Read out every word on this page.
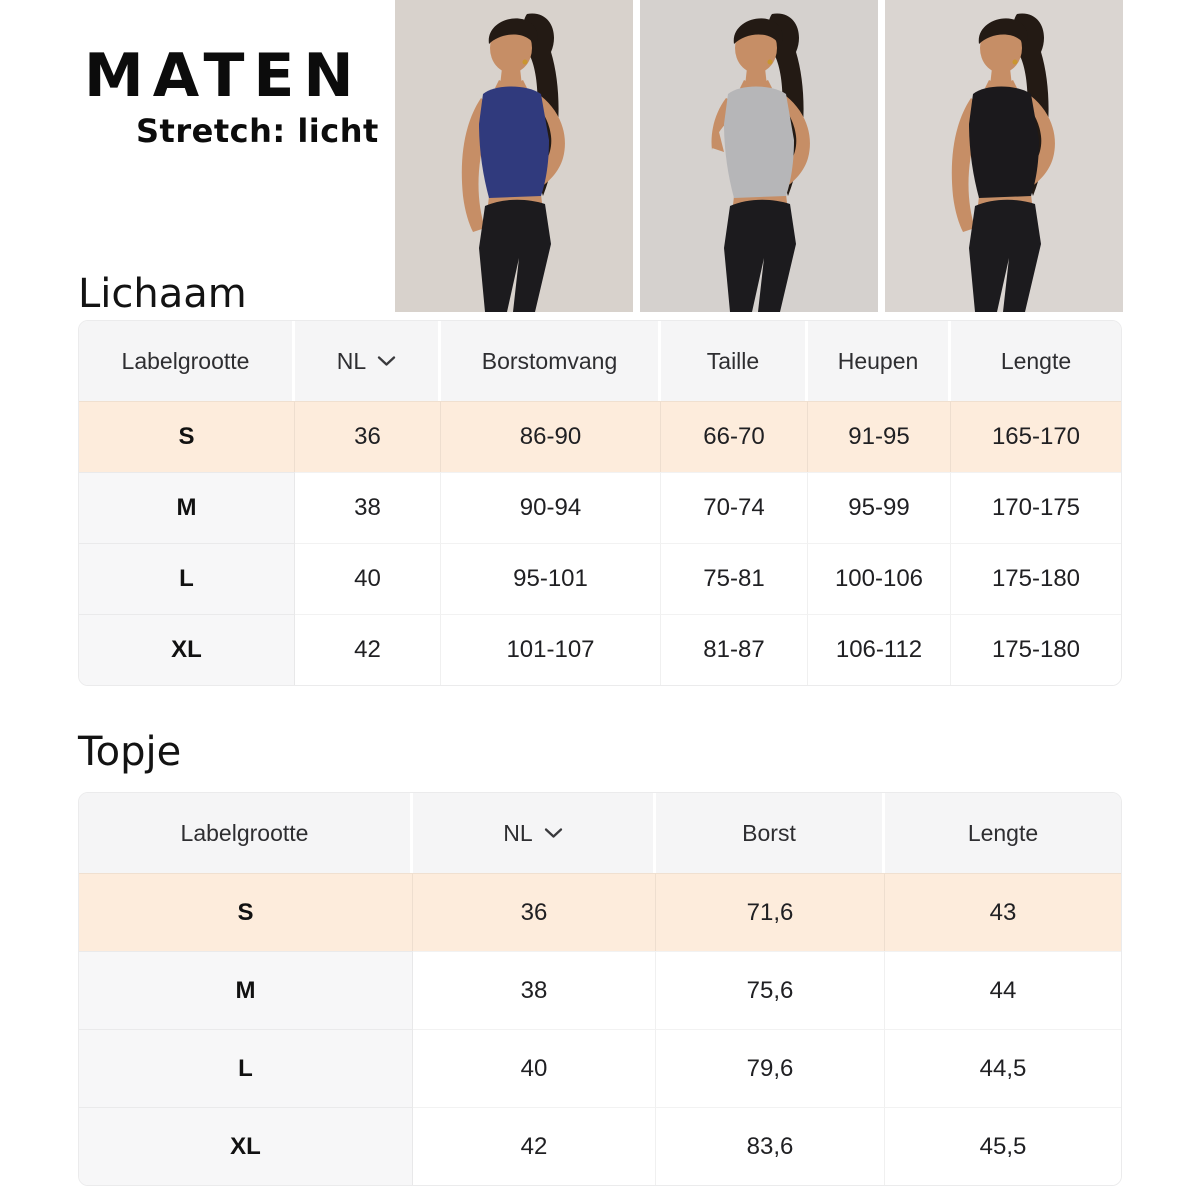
MATEN
Stretch: licht
Lichaam
Labelgrootte	NL	Borstomvang	Taille	Heupen	Lengte
S	36	86-90	66-70	91-95	165-170
M	38	90-94	70-74	95-99	170-175
L	40	95-101	75-81	100-106	175-180
XL	42	101-107	81-87	106-112	175-180
Topje
Labelgrootte	NL	Borst	Lengte
S	36	71,6	43
M	38	75,6	44
L	40	79,6	44,5
XL	42	83,6	45,5
